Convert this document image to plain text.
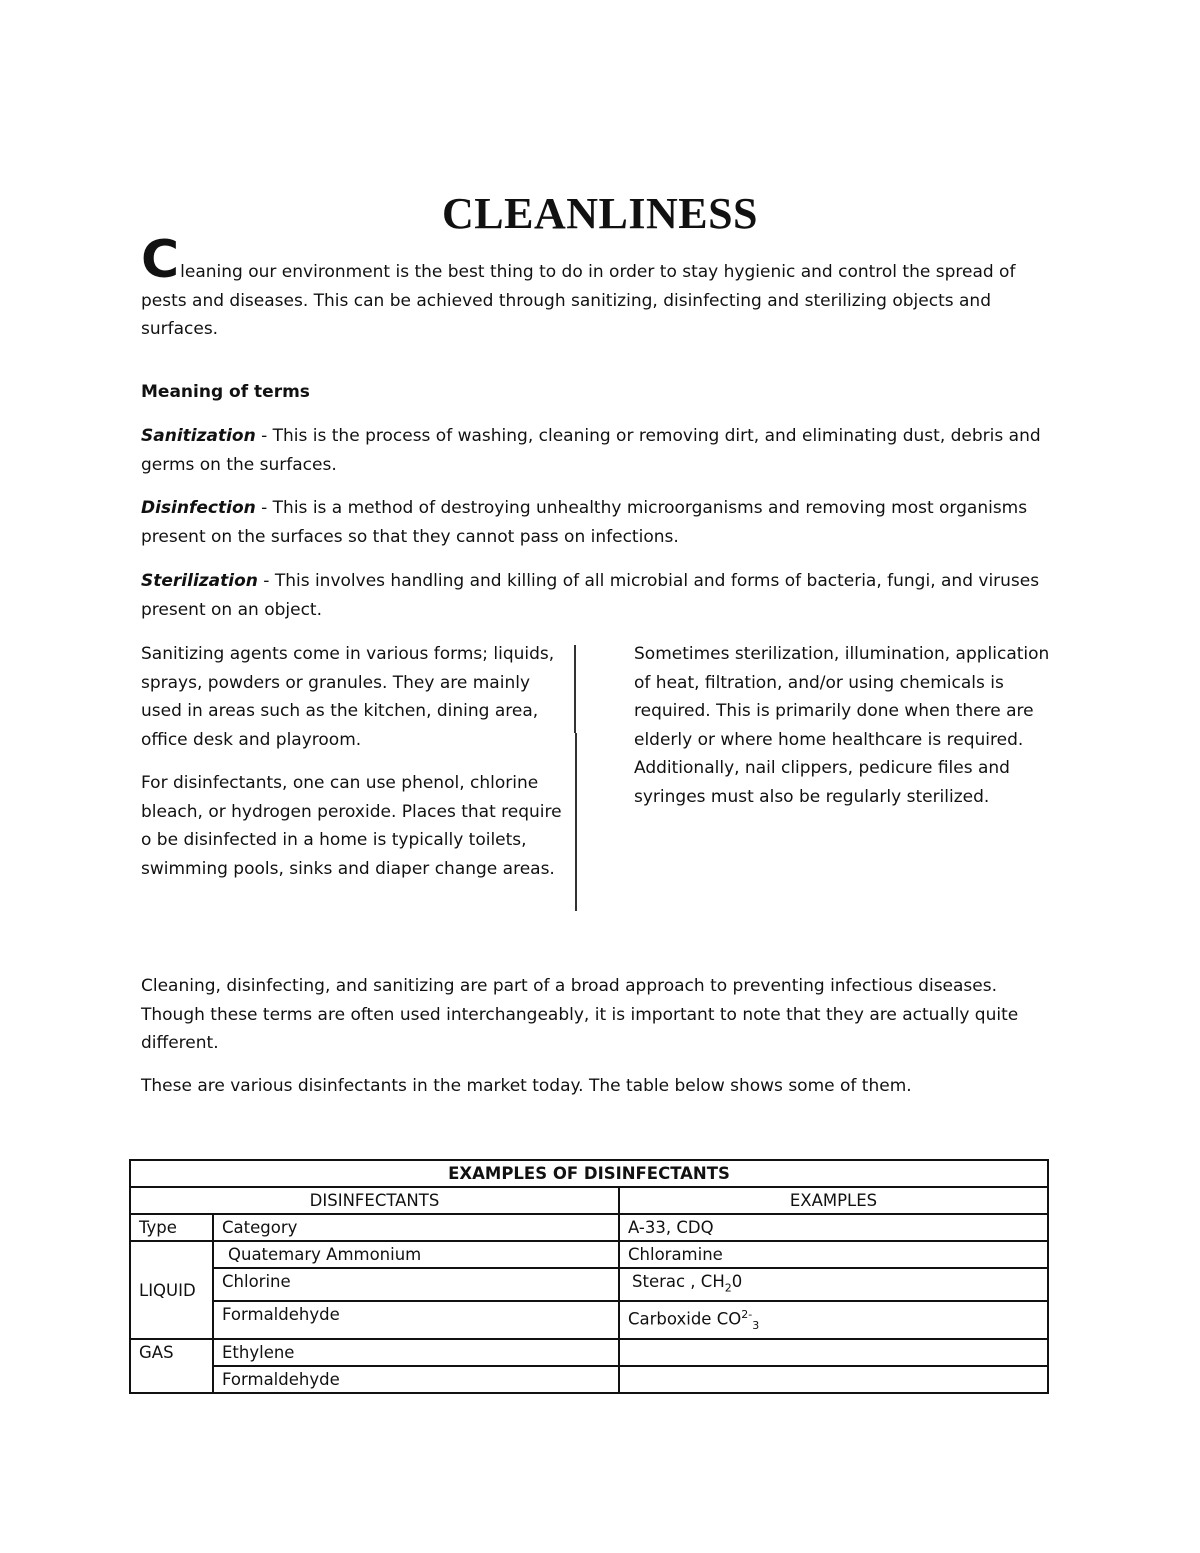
CLEANLINESS

Cleaning our environment is the best thing to do in order to stay hygienic and control the spread of pests and diseases. This can be achieved through sanitizing, disinfecting and sterilizing objects and surfaces.

Meaning of terms

Sanitization - This is the process of washing, cleaning or removing dirt, and eliminating dust, debris and germs on the surfaces.

Disinfection - This is a method of destroying unhealthy microorganisms and removing most organisms present on the surfaces so that they cannot pass on infections.

Sterilization - This involves handling and killing of all microbial and forms of bacteria, fungi, and viruses present on an object.

Sanitizing agents come in various forms; liquids, sprays, powders or granules. They are mainly used in areas such as the kitchen, dining area, office desk and playroom.

For disinfectants, one can use phenol, chlorine bleach, or hydrogen peroxide. Places that require o be disinfected in a home is typically toilets, swimming pools, sinks and diaper change areas.

Sometimes sterilization, illumination, application of heat, filtration, and/or using chemicals is required. This is primarily done when there are elderly or where home healthcare is required. Additionally, nail clippers, pedicure files and syringes must also be regularly sterilized.

Cleaning, disinfecting, and sanitizing are part of a broad approach to preventing infectious diseases. Though these terms are often used interchangeably, it is important to note that they are actually quite different.

These are various disinfectants in the market today. The table below shows some of them.

EXAMPLES OF DISINFECTANTS		
DISINFECTANTS		EXAMPLES
Type	Category	A-33, CDQ
LIQUID	Quatemary Ammonium	Chloramine
	Chlorine	Sterac , $CH_20$
	Formaldehyde	Carboxide $CO^{2-}_3$
GAS	Ethylene	
	Formaldehyde	
